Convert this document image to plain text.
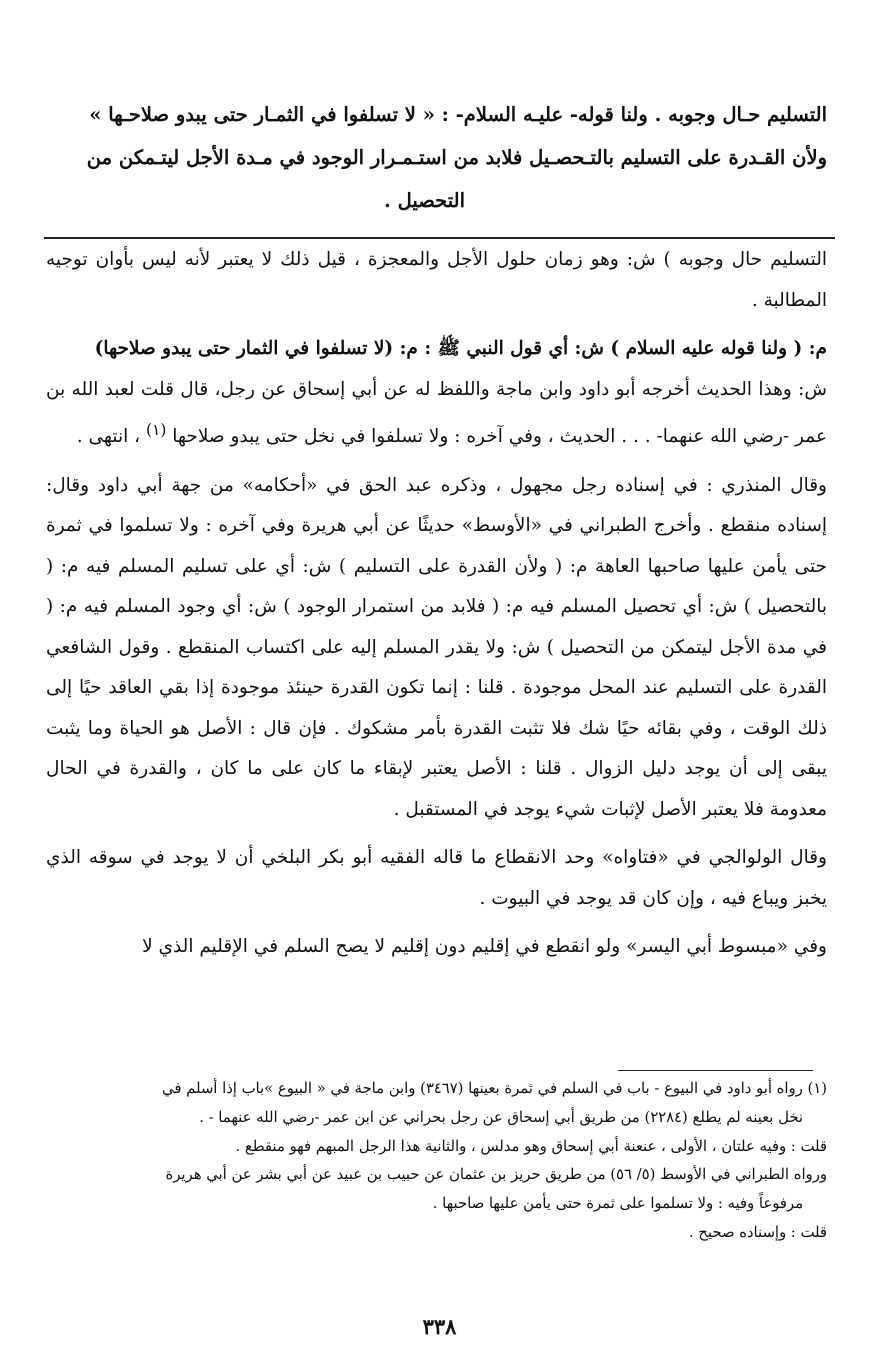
التسليم حـال وجوبه . ولنا قوله- عليـه السلام- : « لا تسلفوا في الثمـار حتى يبدو صلاحـها »
ولأن القـدرة على التسليم بالتـحصـيل فلابد من استـمـرار الوجود في مـدة الأجل ليتـمكن من
التحصيل .

التسليم حال وجوبه ) ش: وهو زمان حلول الأجل والمعجزة ، قيل ذلك لا يعتبر لأنه ليس بأوان توجيه المطالبة .

م: ( ولنا قوله عليه السلام ) ش: أي قول النبي ﷺ : م: (لا تسلفوا في الثمار حتى يبدو صلاحها)
ش: وهذا الحديث أخرجه أبو داود وابن ماجة واللفظ له عن أبي إسحاق عن رجل، قال قلت لعبد الله بن عمر -رضي الله عنهما- . . . الحديث ، وفي آخره : ولا تسلفوا في نخل حتى يبدو صلاحها $^{(١)}$ ، انتهى .

وقال المنذري : في إسناده رجل مجهول ، وذكره عبد الحق في «أحكامه» من جهة أبي داود وقال: إسناده منقطع . وأخرج الطبراني في «الأوسط» حديثًا عن أبي هريرة وفي آخره : ولا تسلموا في ثمرة حتى يأمن عليها صاحبها العاهة م: ( ولأن القدرة على التسليم ) ش: أي على تسليم المسلم فيه م: ( بالتحصيل ) ش: أي تحصيل المسلم فيه م: ( فلابد من استمرار الوجود ) ش: أي وجود المسلم فيه م: ( في مدة الأجل ليتمكن من التحصيل ) ش: ولا يقدر المسلم إليه على اكتساب المنقطع . وقول الشافعي القدرة على التسليم عند المحل موجودة . قلنا : إنما تكون القدرة حينئذ موجودة إذا بقي العاقد حيًا إلى ذلك الوقت ، وفي بقائه حيًا شك فلا تثبت القدرة بأمر مشكوك . فإن قال : الأصل هو الحياة وما يثبت يبقى إلى أن يوجد دليل الزوال . قلنا : الأصل يعتبر لإبقاء ما كان على ما كان ، والقدرة في الحال معدومة فلا يعتبر الأصل لإثبات شيء يوجد في المستقبل .

وقال الولوالجي في «فتاواه» وحد الانقطاع ما قاله الفقيه أبو بكر البلخي أن لا يوجد في سوقه الذي يخبز ويباع فيه ، وإن كان قد يوجد في البيوت .

وفي «مبسوط أبي اليسر» ولو انقطع في إقليم دون إقليم لا يصح السلم في الإقليم الذي لا

(١) رواه أبو داود في البيوع - باب في السلم في ثمرة بعينها (٣٤٦٧) وابن ماجة في « البيوع »باب إذا أسلم في

نخل بعينه لم يطلع (٢٢٨٤) من طريق أبي إسحاق عن رجل بحراني عن ابن عمر -رضي الله عنهما - .

قلت : وفيه علتان ، الأولى ، عنعنة أبي إسحاق وهو مدلس ، والثانية هذا الرجل المبهم فهو منقطع .

ورواه الطبراني في الأوسط (٥/ ٥٦) من طريق حريز بن عثمان عن حبيب بن عبيد عن أبي بشر عن أبي هريرة

مرفوعاً وفيه : ولا تسلموا على ثمرة حتى يأمن عليها صاحبها .

قلت : وإسناده صحيح .

٣٣٨
